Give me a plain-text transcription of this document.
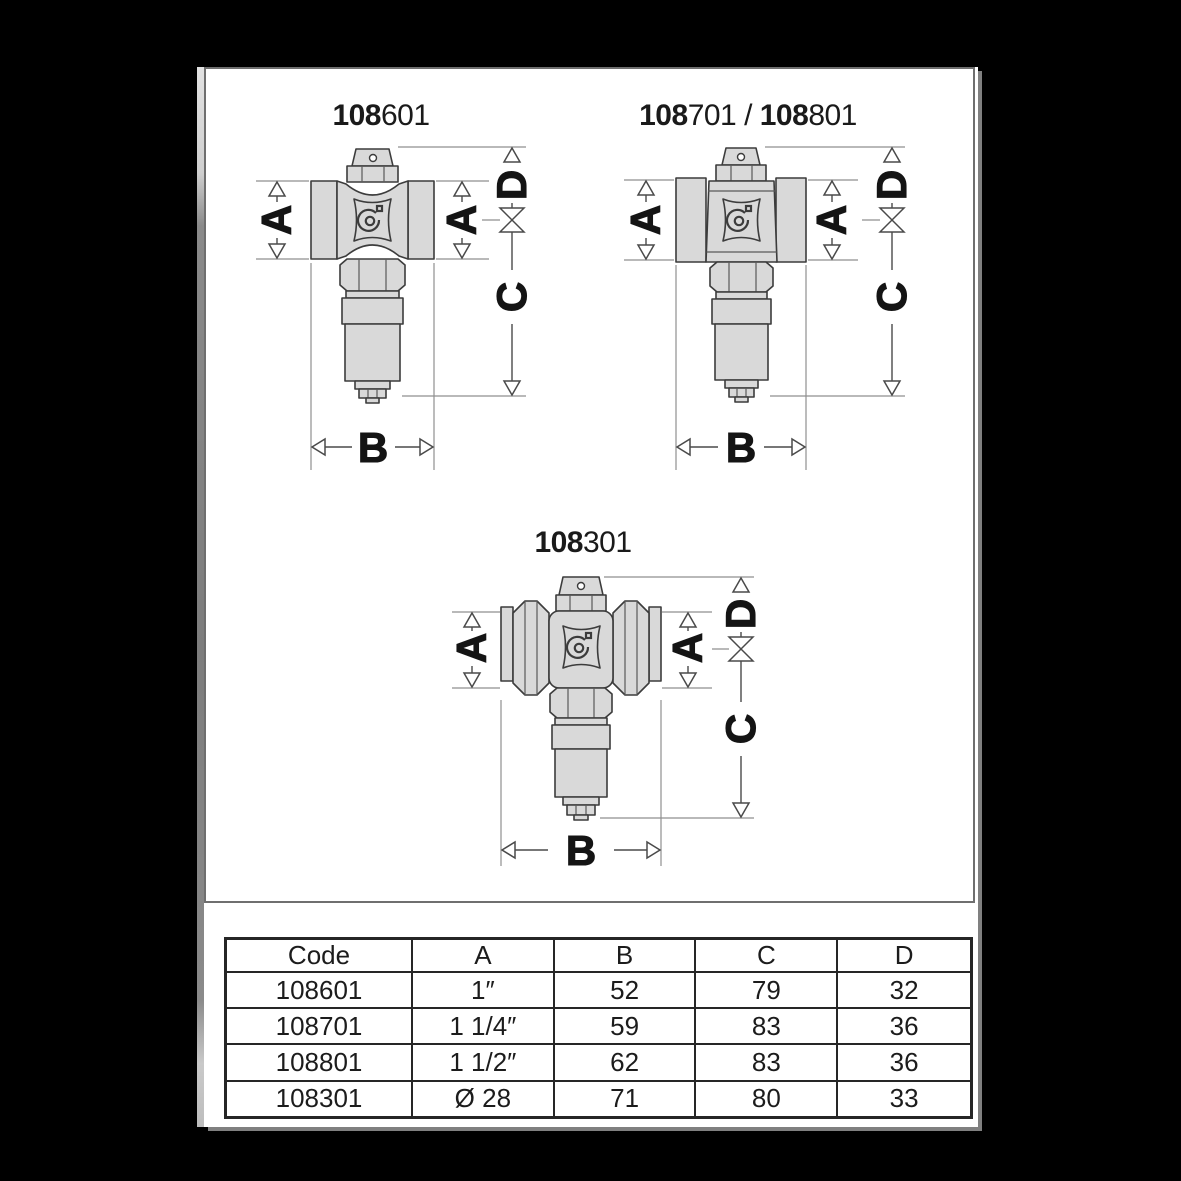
108601
A	A
D
C
B
108701 / 108801
A	A
D
C
B
108301
A	A
D
C
B
Code	A	B	C	D
108601	1″	52	79	32
108701	1 1/4″	59	83	36
108801	1 1/2″	62	83	36
108301	Ø 28	71	80	33
